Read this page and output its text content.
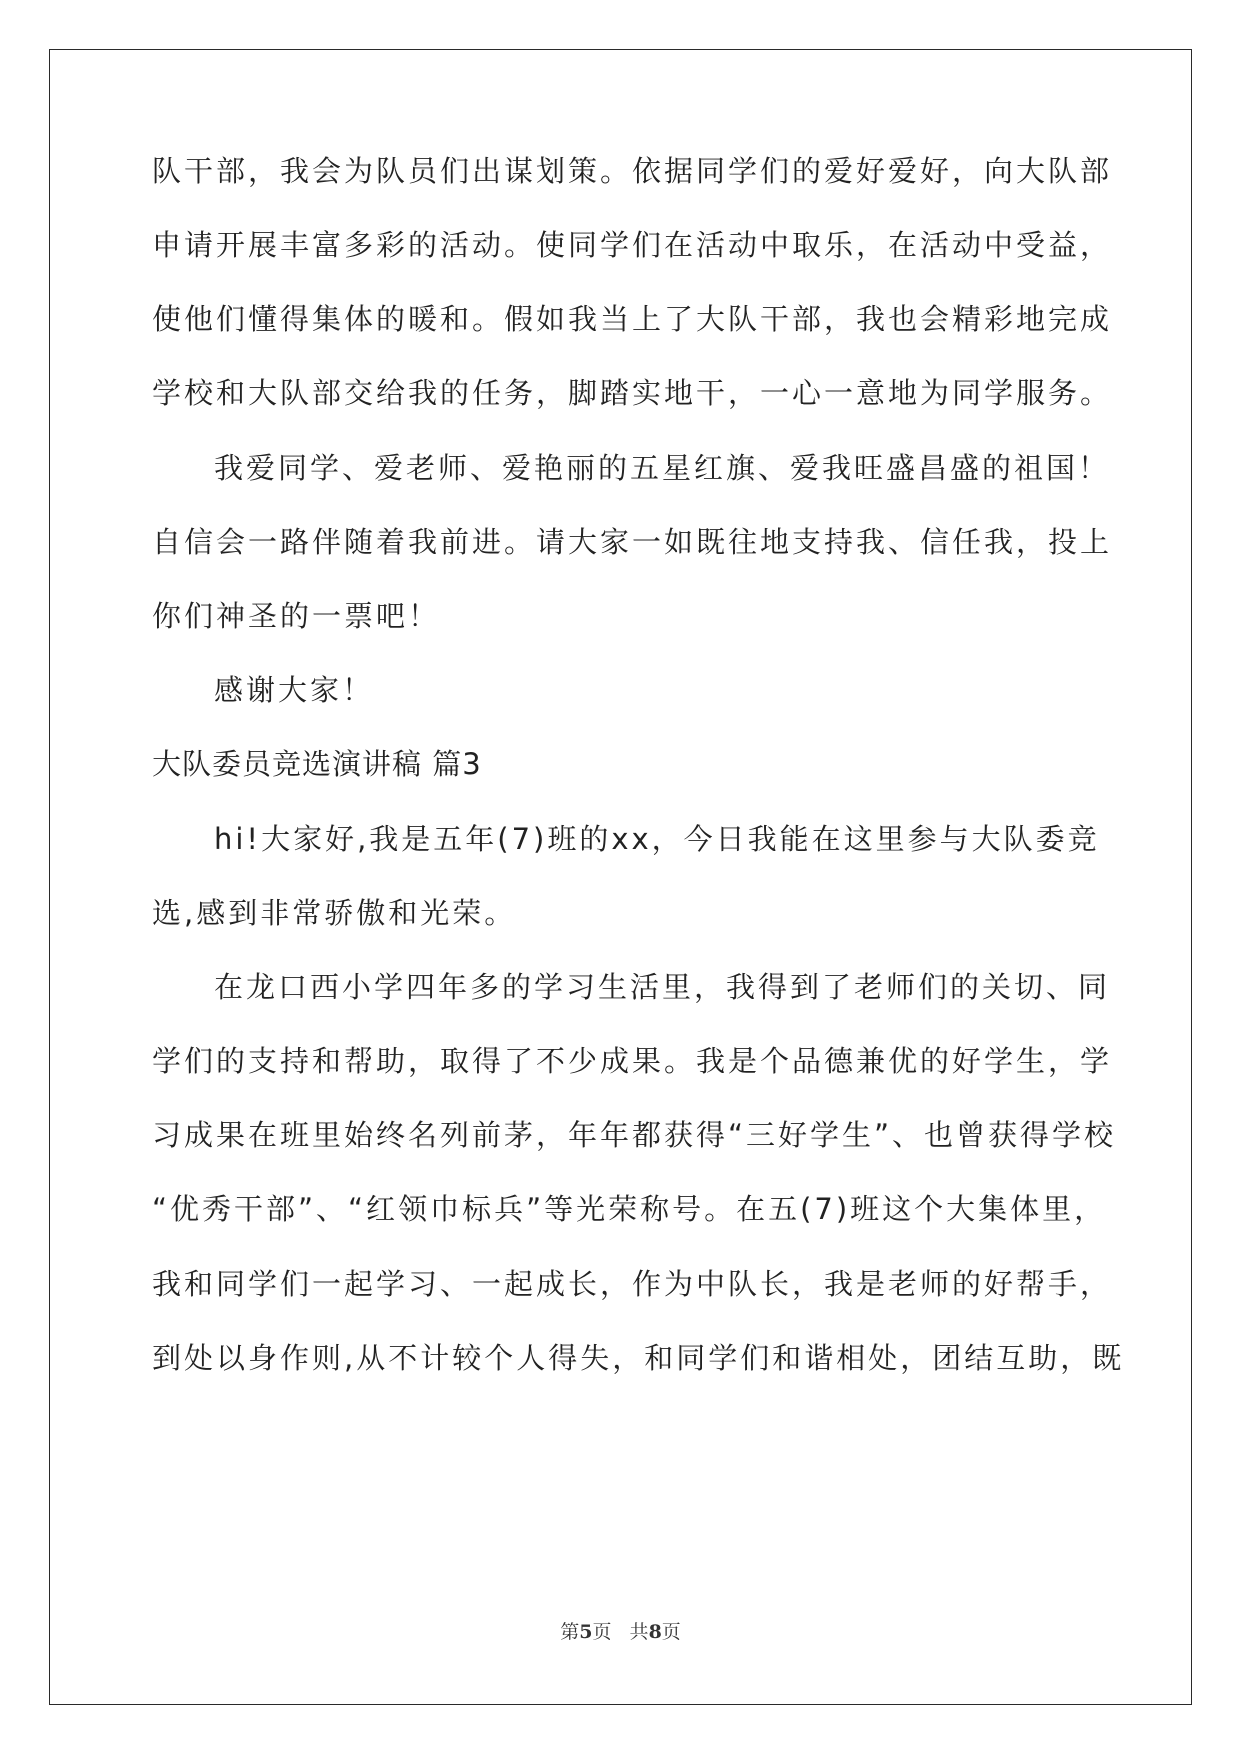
队干部，我会为队员们出谋划策。依据同学们的爱好爱好，向大队部
申请开展丰富多彩的活动。使同学们在活动中取乐，在活动中受益，
使他们懂得集体的暖和。假如我当上了大队干部，我也会精彩地完成
学校和大队部交给我的任务，脚踏实地干，一心一意地为同学服务。
我爱同学、爱老师、爱艳丽的五星红旗、爱我旺盛昌盛的祖国！
自信会一路伴随着我前进。请大家一如既往地支持我、信任我，投上
你们神圣的一票吧！
感谢大家！
大队委员竞选演讲稿 篇3
hi!大家好,我是五年(7)班的xx，今日我能在这里参与大队委竞
选,感到非常骄傲和光荣。
在龙口西小学四年多的学习生活里，我得到了老师们的关切、同
学们的支持和帮助，取得了不少成果。我是个品德兼优的好学生，学
习成果在班里始终名列前茅，年年都获得“三好学生”、也曾获得学校
“优秀干部”、“红领巾标兵”等光荣称号。在五(7)班这个大集体里，
我和同学们一起学习、一起成长，作为中队长，我是老师的好帮手，
到处以身作则,从不计较个人得失，和同学们和谐相处，团结互助，既
第5页   共8页
